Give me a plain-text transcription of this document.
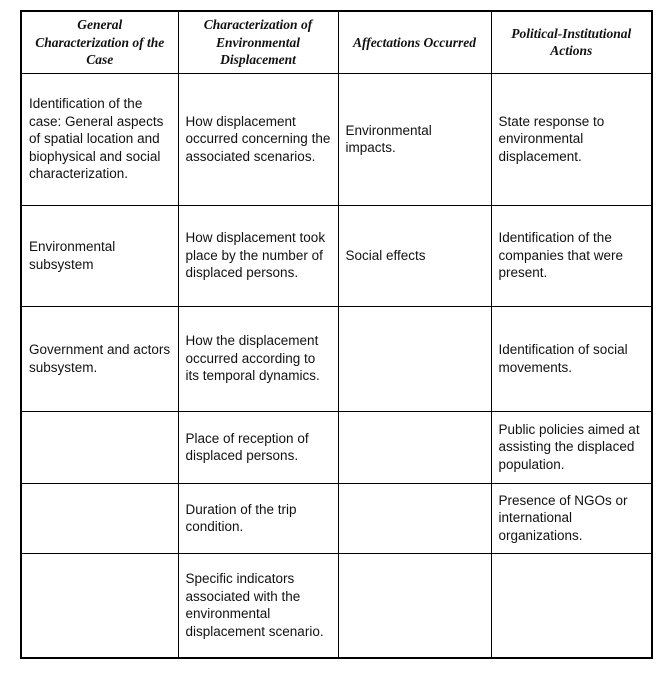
General Characterization of the Case	Characterization of Environmental Displacement	Affectations Occurred	Political-Institutional Actions
Identification of the case: General aspects of spatial location and biophysical and social characterization.	How displacement occurred concerning the associated scenarios.	Environmental impacts.	State response to environmental displacement.
Environmental subsystem	How displacement took place by the number of displaced persons.	Social effects	Identification of the companies that were present.
Government and actors subsystem.	How the displacement occurred according to its temporal dynamics.		Identification of social movements.
	Place of reception of displaced persons.		Public policies aimed at assisting the displaced population.
	Duration of the trip condition.		Presence of NGOs or international organizations.
	Specific indicators associated with the environmental displacement scenario.		
